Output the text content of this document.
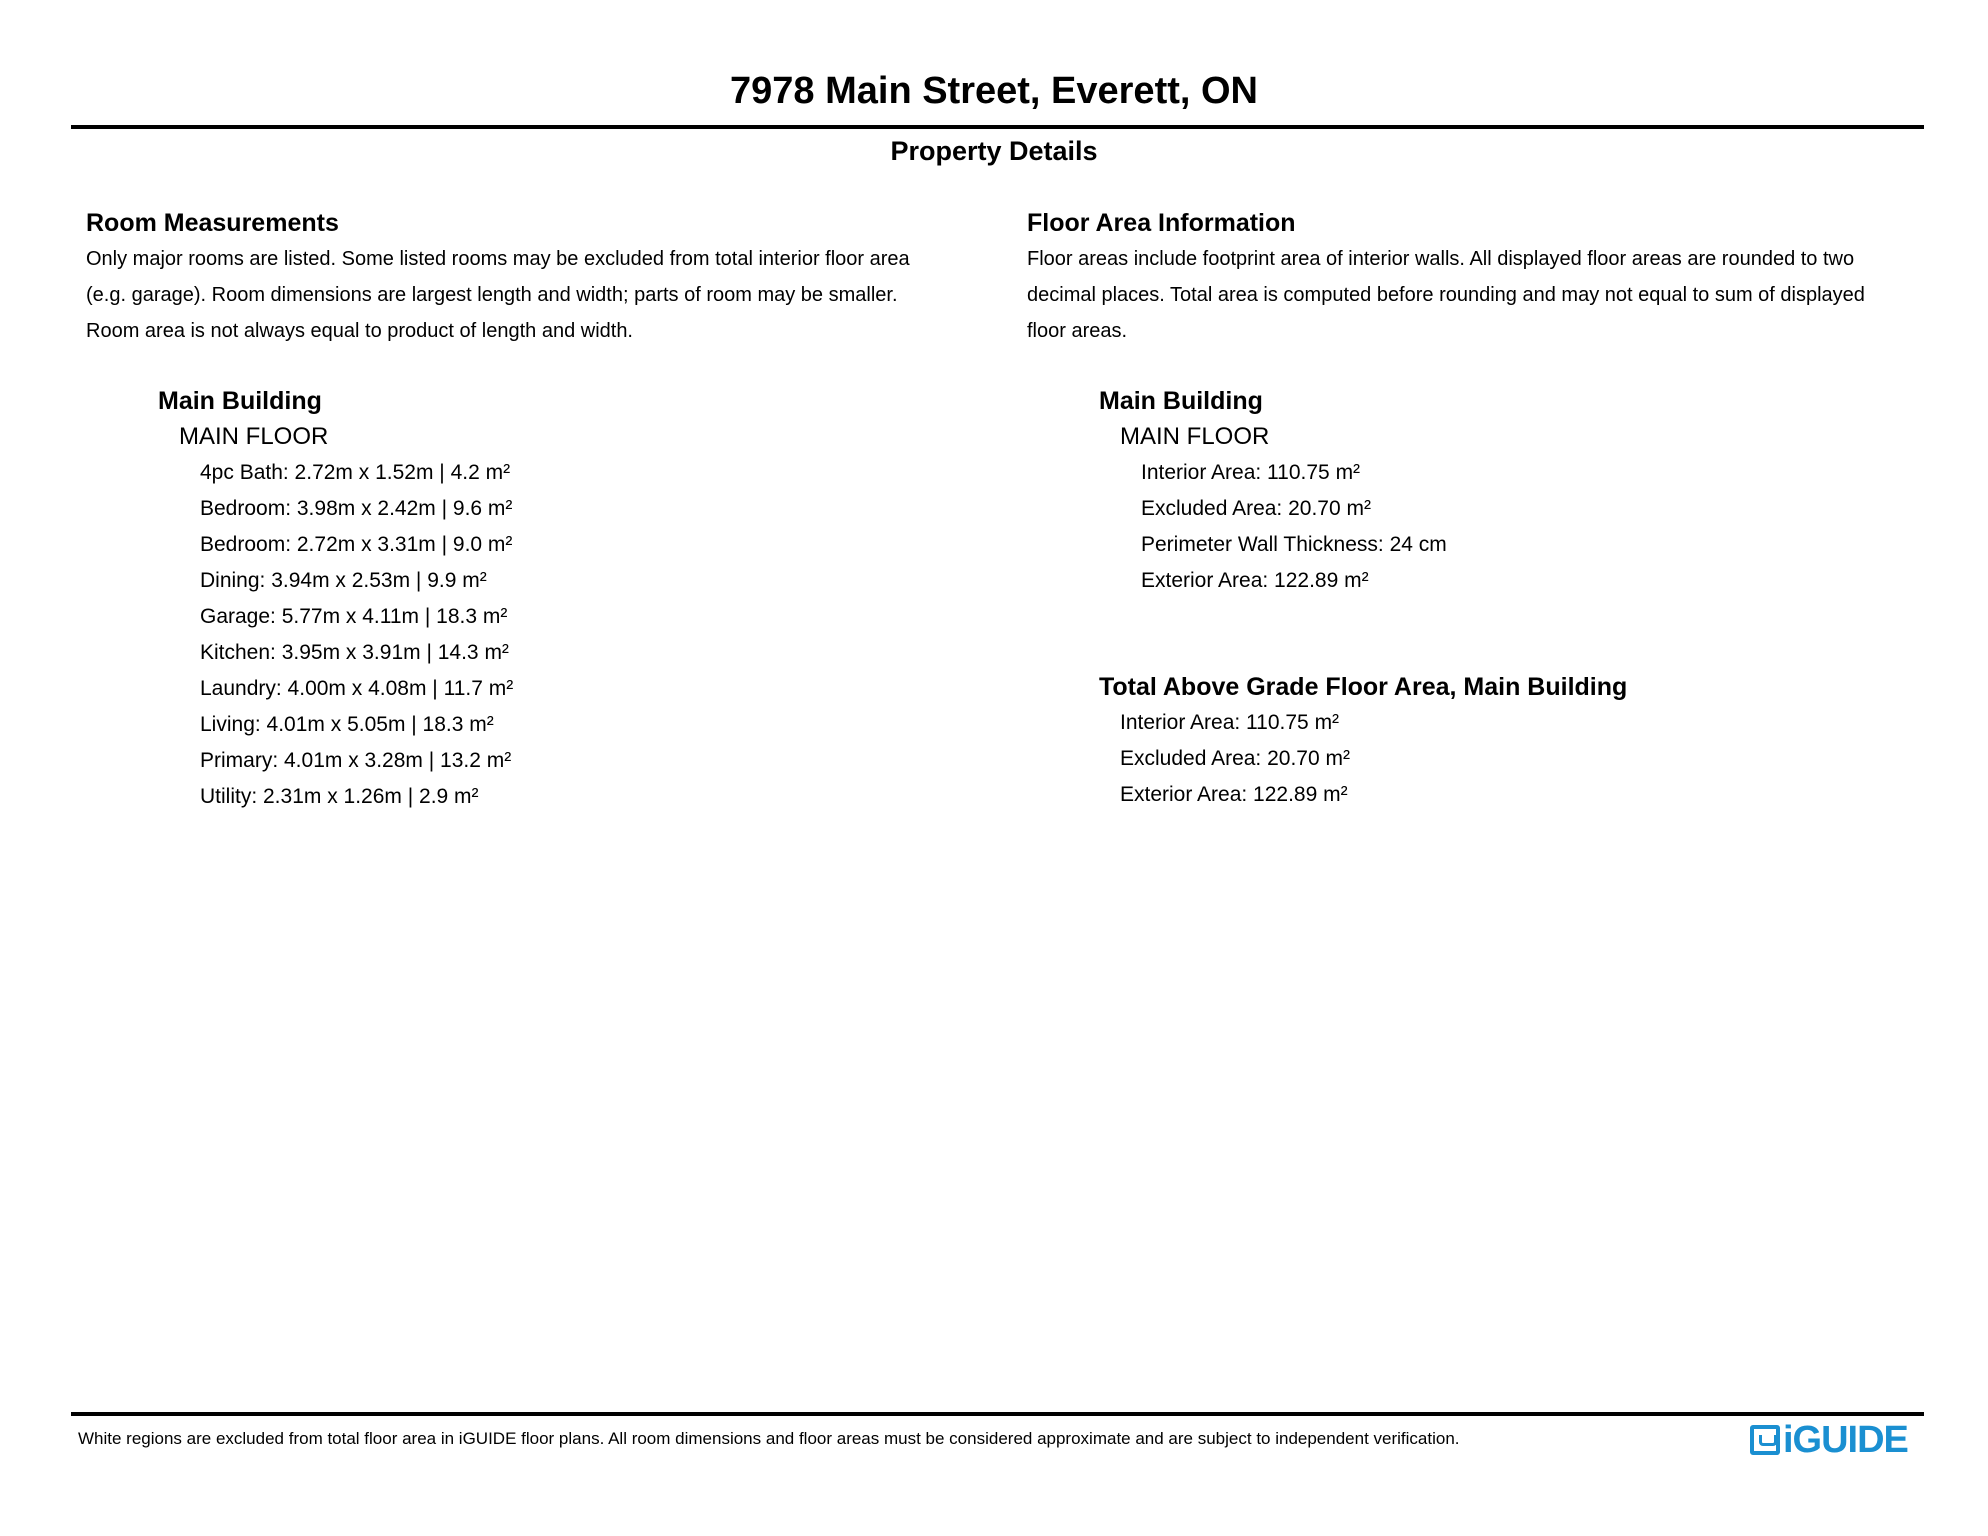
7978 Main Street, Everett, ON
Property Details
Room Measurements
Only major rooms are listed. Some listed rooms may be excluded from total interior floor area
(e.g. garage). Room dimensions are largest length and width; parts of room may be smaller.
Room area is not always equal to product of length and width.
Main Building
MAIN FLOOR
4pc Bath: 2.72m x 1.52m | 4.2 m²
Bedroom: 3.98m x 2.42m | 9.6 m²
Bedroom: 2.72m x 3.31m | 9.0 m²
Dining: 3.94m x 2.53m | 9.9 m²
Garage: 5.77m x 4.11m | 18.3 m²
Kitchen: 3.95m x 3.91m | 14.3 m²
Laundry: 4.00m x 4.08m | 11.7 m²
Living: 4.01m x 5.05m | 18.3 m²
Primary: 4.01m x 3.28m | 13.2 m²
Utility: 2.31m x 1.26m | 2.9 m²
Floor Area Information
Floor areas include footprint area of interior walls. All displayed floor areas are rounded to two
decimal places. Total area is computed before rounding and may not equal to sum of displayed
floor areas.
Main Building
MAIN FLOOR
Interior Area: 110.75 m²
Excluded Area: 20.70 m²
Perimeter Wall Thickness: 24 cm
Exterior Area: 122.89 m²
Total Above Grade Floor Area, Main Building
Interior Area: 110.75 m²
Excluded Area: 20.70 m²
Exterior Area: 122.89 m²
White regions are excluded from total floor area in iGUIDE floor plans. All room dimensions and floor areas must be considered approximate and are subject to independent verification.	iGUIDE
